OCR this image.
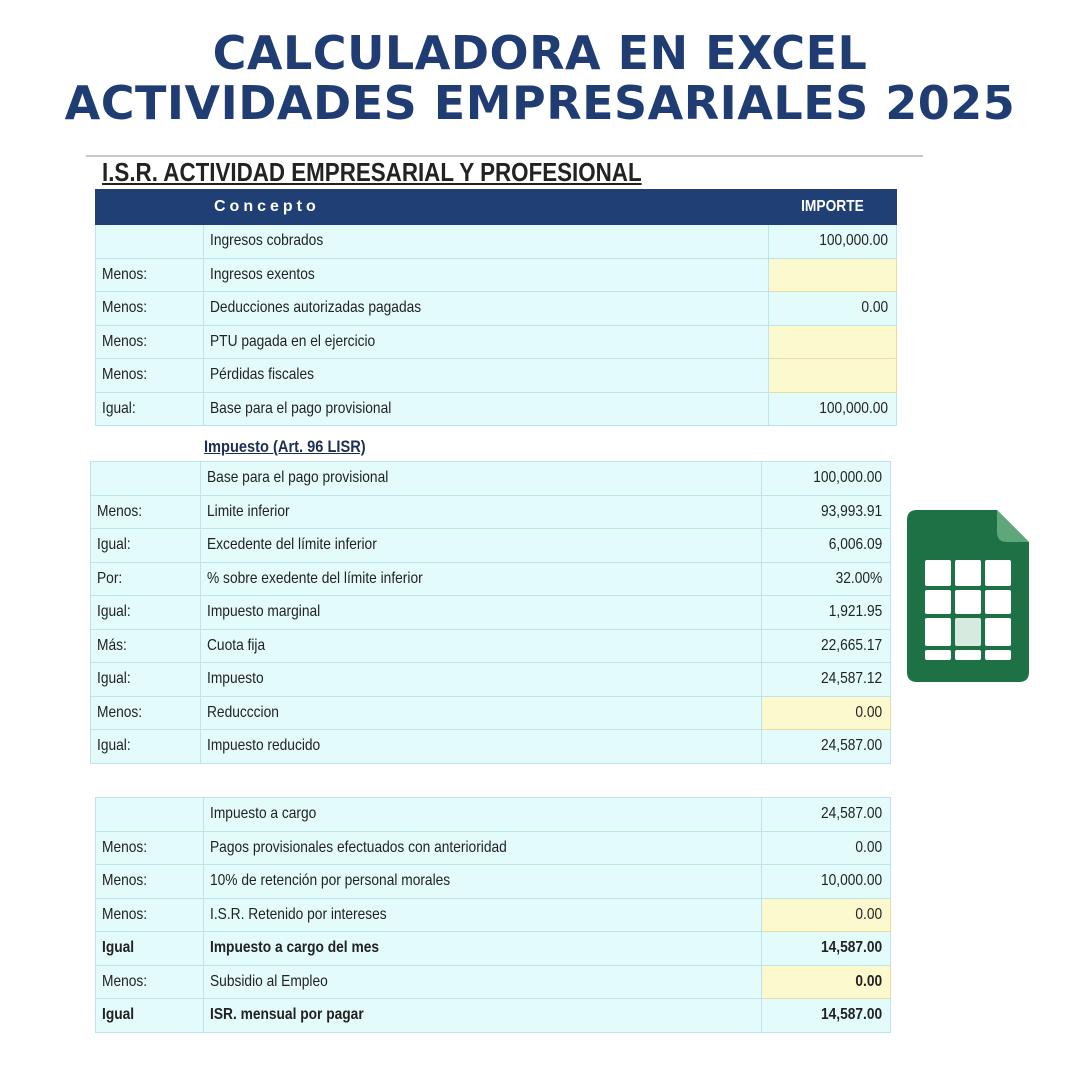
CALCULADORA EN EXCEL
ACTIVIDADES EMPRESARIALES 2025
I.S.R. ACTIVIDAD EMPRESARIAL Y PROFESIONAL
	Concepto	IMPORTE
	Ingresos cobrados	100,000.00
Menos:	Ingresos exentos	
Menos:	Deducciones autorizadas pagadas	0.00
Menos:	PTU pagada en el ejercicio	
Menos:	Pérdidas fiscales	
Igual:	Base para el pago provisional	100,000.00
Impuesto (Art. 96 LISR)
	Base para el pago provisional	100,000.00
Menos:	Limite inferior	93,993.91
Igual:	Excedente del límite inferior	6,006.09
Por:	% sobre exedente del límite inferior	32.00%
Igual:	Impuesto marginal	1,921.95
Más:	Cuota fija	22,665.17
Igual:	Impuesto	24,587.12
Menos:	Reducccion	0.00
Igual:	Impuesto reducido	24,587.00
	Impuesto a cargo	24,587.00
Menos:	Pagos provisionales efectuados con anterioridad	0.00
Menos:	10% de retención por personal morales	10,000.00
Menos:	I.S.R. Retenido por intereses	0.00
Igual	Impuesto a cargo del mes	14,587.00
Menos:	Subsidio al Empleo	0.00
Igual	ISR. mensual por pagar	14,587.00
